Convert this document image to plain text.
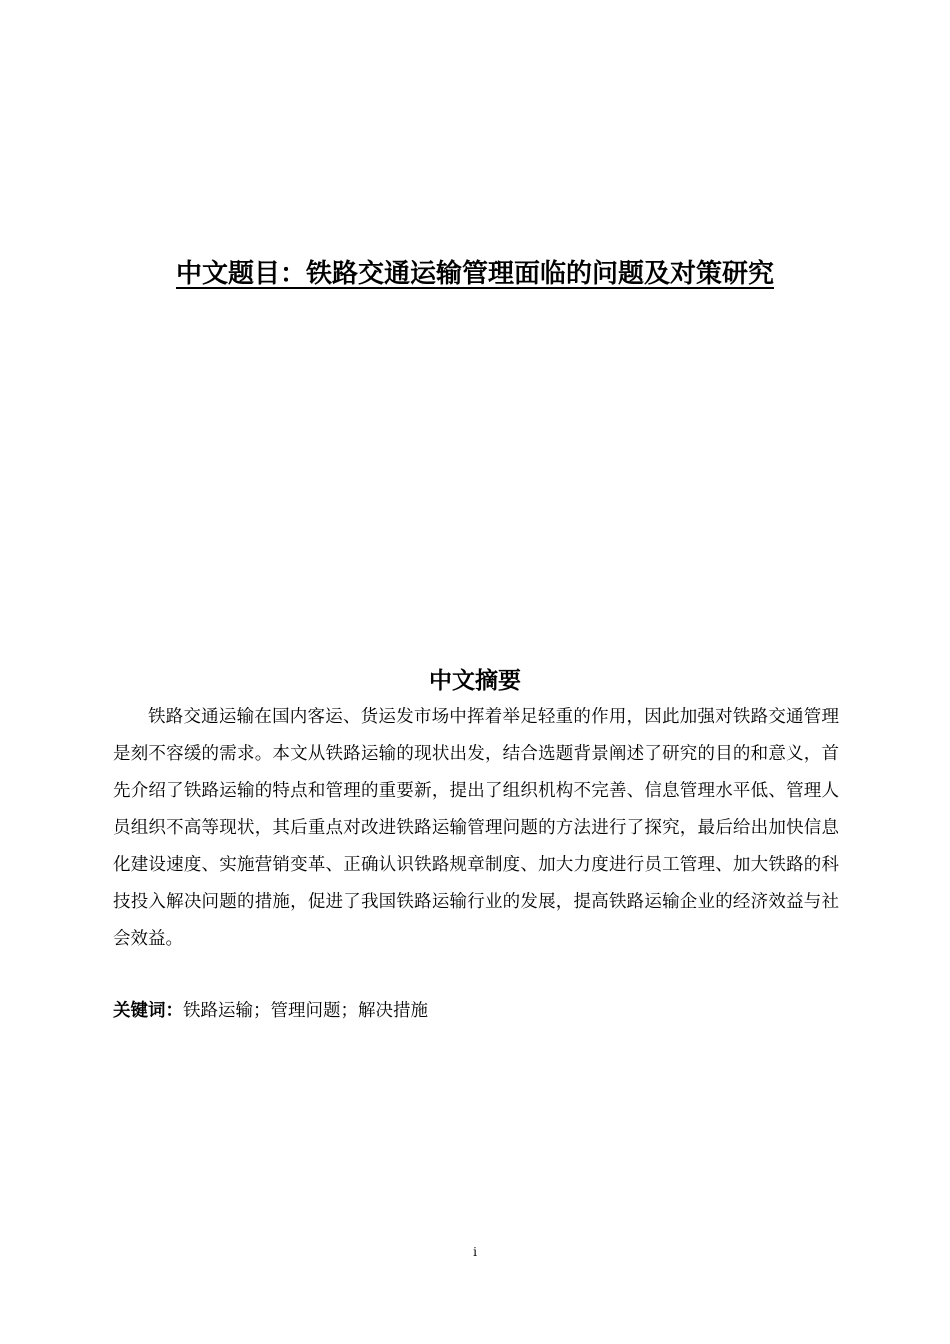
中文题目：铁路交通运输管理面临的问题及对策研究
中文摘要

铁路交通运输在国内客运、货运发市场中挥着举足轻重的作用，因此加强对铁路交通管理是刻不容缓的需求。本文从铁路运输的现状出发，结合选题背景阐述了研究的目的和意义，首先介绍了铁路运输的特点和管理的重要新，提出了组织机构不完善、信息管理水平低、管理人员组织不高等现状，其后重点对改进铁路运输管理问题的方法进行了探究，最后给出加快信息化建设速度、实施营销变革、正确认识铁路规章制度、加大力度进行员工管理、加大铁路的科技投入解决问题的措施，促进了我国铁路运输行业的发展，提高铁路运输企业的经济效益与社会效益。

关键词：铁路运输；管理问题；解决措施

i
